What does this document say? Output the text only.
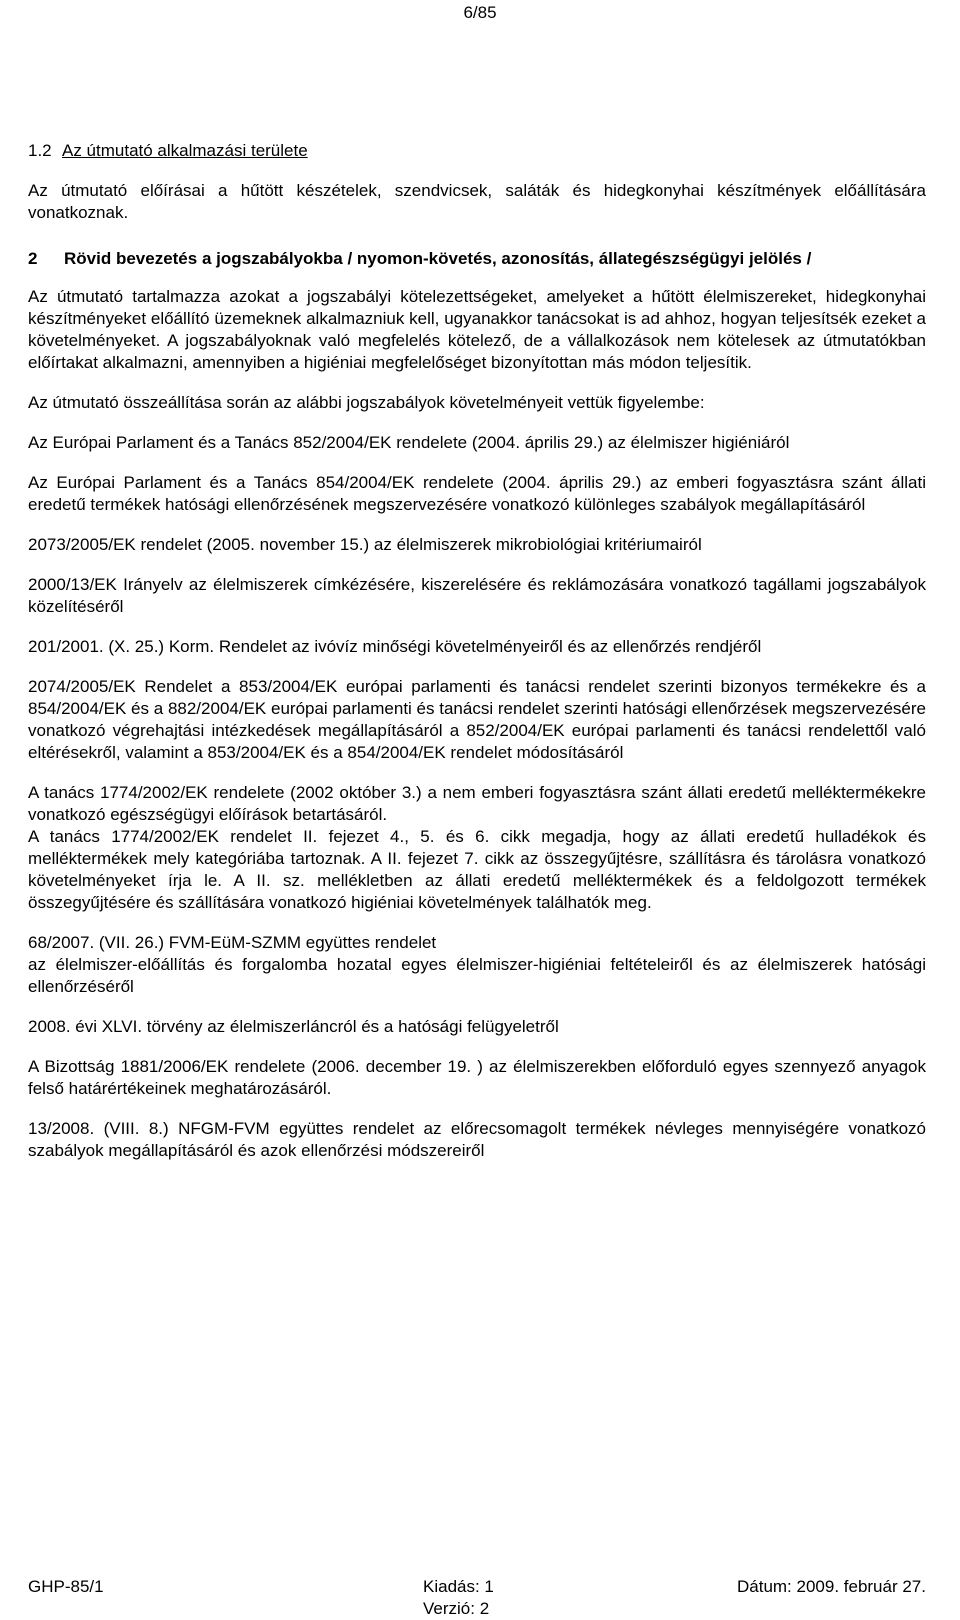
6/85
1.2 Az útmutató alkalmazási területe

Az útmutató előírásai a hűtött készételek, szendvicsek, saláták és hidegkonyhai készítmények előállítására vonatkoznak.

2 Rövid bevezetés a jogszabályokba / nyomon-követés, azonosítás, állategészségügyi jelölés /

Az útmutató tartalmazza azokat a jogszabályi kötelezettségeket, amelyeket a hűtött élelmiszereket, hidegkonyhai készítményeket előállító üzemeknek alkalmazniuk kell, ugyanakkor tanácsokat is ad ahhoz, hogyan teljesítsék ezeket a követelményeket. A jogszabályoknak való megfelelés kötelező, de a vállalkozások nem kötelesek az útmutatókban előírtakat alkalmazni, amennyiben a higiéniai megfelelőséget bizonyítottan más módon teljesítik.

Az útmutató összeállítása során az alábbi jogszabályok követelményeit vettük figyelembe:

Az Európai Parlament és a Tanács 852/2004/EK rendelete (2004. április 29.) az élelmiszer higiéniáról

Az Európai Parlament és a Tanács 854/2004/EK rendelete (2004. április 29.) az emberi fogyasztásra szánt állati eredetű termékek hatósági ellenőrzésének megszervezésére vonatkozó különleges szabályok megállapításáról

2073/2005/EK rendelet (2005. november 15.) az élelmiszerek mikrobiológiai kritériumairól

2000/13/EK Irányelv az élelmiszerek címkézésére, kiszerelésére és reklámozására vonatkozó tagállami jogszabályok közelítéséről

201/2001. (X. 25.) Korm. Rendelet az ivóvíz minőségi követelményeiről és az ellenőrzés rendjéről

2074/2005/EK Rendelet a 853/2004/EK európai parlamenti és tanácsi rendelet szerinti bizonyos termékekre és a 854/2004/EK és a 882/2004/EK európai parlamenti és tanácsi rendelet szerinti hatósági ellenőrzések megszervezésére vonatkozó végrehajtási intézkedések megállapításáról a 852/2004/EK európai parlamenti és tanácsi rendelettől való eltérésekről, valamint a 853/2004/EK és a 854/2004/EK rendelet módosításáról

A tanács 1774/2002/EK rendelete (2002 október 3.) a nem emberi fogyasztásra szánt állati eredetű melléktermékekre vonatkozó egészségügyi előírások betartásáról.

A tanács 1774/2002/EK rendelet II. fejezet 4., 5. és 6. cikk megadja, hogy az állati eredetű hulladékok és melléktermékek mely kategóriába tartoznak. A II. fejezet 7. cikk az összegyűjtésre, szállításra és tárolásra vonatkozó követelményeket írja le. A II. sz. mellékletben az állati eredetű melléktermékek és a feldolgozott termékek összegyűjtésére és szállítására vonatkozó higiéniai követelmények találhatók meg.

68/2007. (VII. 26.) FVM-EüM-SZMM együttes rendelet

az élelmiszer-előállítás és forgalomba hozatal egyes élelmiszer-higiéniai feltételeiről és az élelmiszerek hatósági ellenőrzéséről

2008. évi XLVI. törvény az élelmiszerláncról és a hatósági felügyeletről

A Bizottság 1881/2006/EK rendelete (2006. december 19. ) az élelmiszerekben előforduló egyes szennyező anyagok felső határértékeinek meghatározásáról.

13/2008. (VIII. 8.) NFGM-FVM együttes rendelet az előrecsomagolt termékek névleges mennyiségére vonatkozó szabályok megállapításáról és azok ellenőrzési módszereiről

GHP-85/1	Kiadás: 1	Dátum: 2009. február 27.
Verzió: 2
